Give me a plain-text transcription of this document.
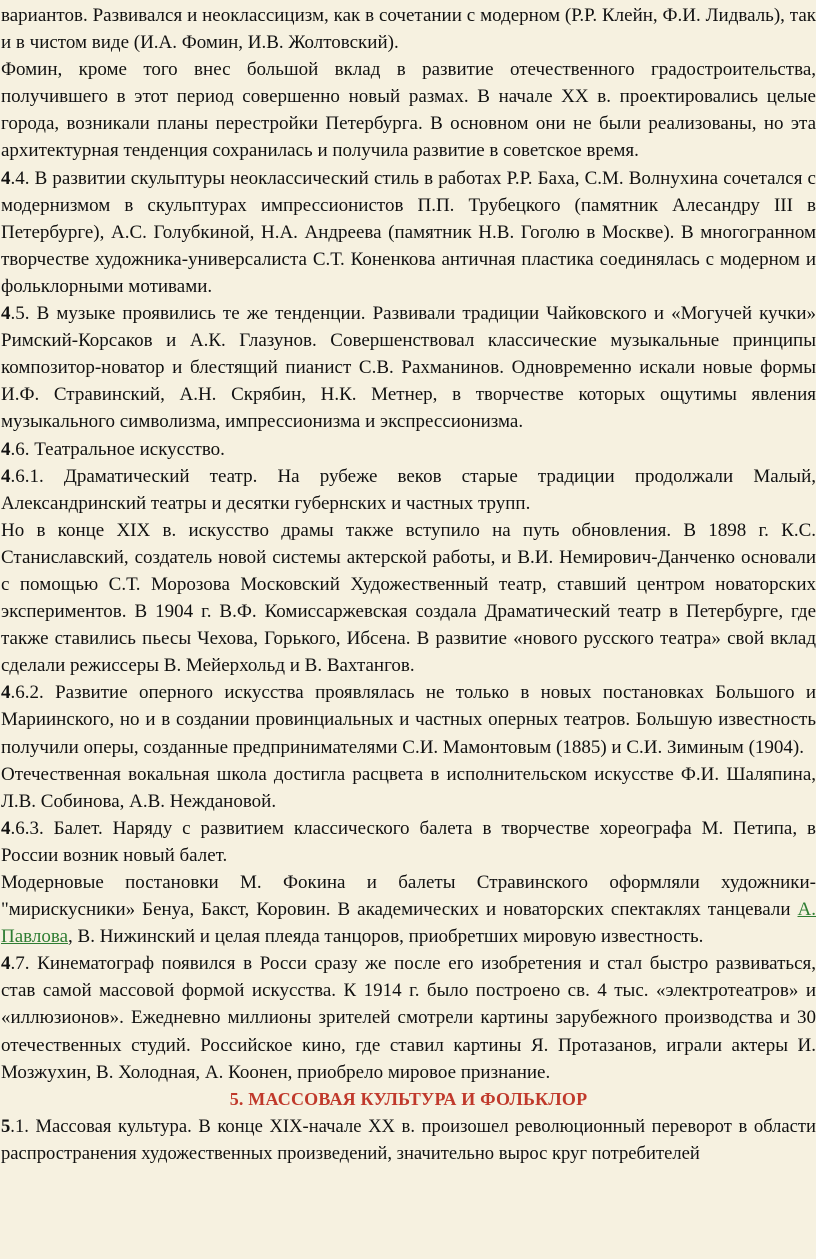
вариантов. Развивался и неоклассицизм, как в сочетании с модерном (Р.Р. Клейн, Ф.И. Лидваль), так и в чистом виде (И.А. Фомин, И.В. Жолтовский).

Фомин, кроме того внес большой вклад в развитие отечественного градостроительства, получившего в этот период совершенно новый размах. В начале XX в. проектировались целые города, возникали планы перестройки Петербурга. В основном они не были реализованы, но эта архитектурная тенденция сохранилась и получила развитие в советское время.

4.4. В развитии скульптуры неоклассический стиль в работах Р.Р. Баха, С.М. Волнухина сочетался с модернизмом в скульптурах импрессионистов П.П. Трубецкого (памятник Алесандру III в Петербурге), А.С. Голубкиной, Н.А. Андреева (памятник Н.В. Гоголю в Москве). В многогранном творчестве художника-универсалиста С.Т. Коненкова античная пластика соединялась с модерном и фольклорными мотивами.

4.5. В музыке проявились те же тенденции. Развивали традиции Чайковского и «Могучей кучки» Римский-Корсаков и А.К. Глазунов. Совершенствовал классические музыкальные принципы композитор-новатор и блестящий пианист С.В. Рахманинов. Одновременно искали новые формы И.Ф. Стравинский, А.Н. Скрябин, Н.К. Метнер, в творчестве которых ощутимы явления музыкального символизма, импрессионизма и экспрессионизма.

4.6. Театральное искусство.

4.6.1. Драматический театр. На рубеже веков старые традиции продолжали Малый, Александринский театры и десятки губернских и частных трупп.

Но в конце XIX в. искусство драмы также вступило на путь обновления. В 1898 г. К.С. Станиславский, создатель новой системы актерской работы, и В.И. Немирович-Данченко основали с помощью С.Т. Морозова Московский Художественный театр, ставший центром новаторских экспериментов. В 1904 г. В.Ф. Комиссаржевская создала Драматический театр в Петербурге, где также ставились пьесы Чехова, Горького, Ибсена. В развитие «нового русского театра» свой вклад сделали режиссеры В. Мейерхольд и В. Вахтангов.

4.6.2. Развитие оперного искусства проявлялась не только в новых постановках Большого и Мариинского, но и в создании провинциальных и частных оперных театров. Большую известность получили оперы, созданные предпринимателями С.И. Мамонтовым (1885) и С.И. Зиминым (1904).

Отечественная вокальная школа достигла расцвета в исполнительском искусстве Ф.И. Шаляпина, Л.В. Собинова, А.В. Неждановой.

4.6.3. Балет. Наряду с развитием классического балета в творчестве хореографа М. Петипа, в России возник новый балет.

Модерновые постановки М. Фокина и балеты Стравинского оформляли художники-"мирискусники» Бенуа, Бакст, Коровин. В академических и новаторских спектаклях танцевали А. Павлова, В. Нижинский и целая плеяда танцоров, приобретших мировую известность.

4.7. Кинематограф появился в Росси сразу же после его изобретения и стал быстро развиваться, став самой массовой формой искусства. К 1914 г. было построено св. 4 тыс. «электротеатров» и «иллюзионов». Ежедневно миллионы зрителей смотрели картины зарубежного производства и 30 отечественных студий. Российское кино, где ставил картины Я. Протазанов, играли актеры И. Мозжухин, В. Холодная, А. Коонен, приобрело мировое признание.

5. МАССОВАЯ КУЛЬТУРА И ФОЛЬКЛОР

5.1. Массовая культура. В конце XIX-начале XX в. произошел революционный переворот в области распространения художественных произведений, значительно вырос круг потребителей
